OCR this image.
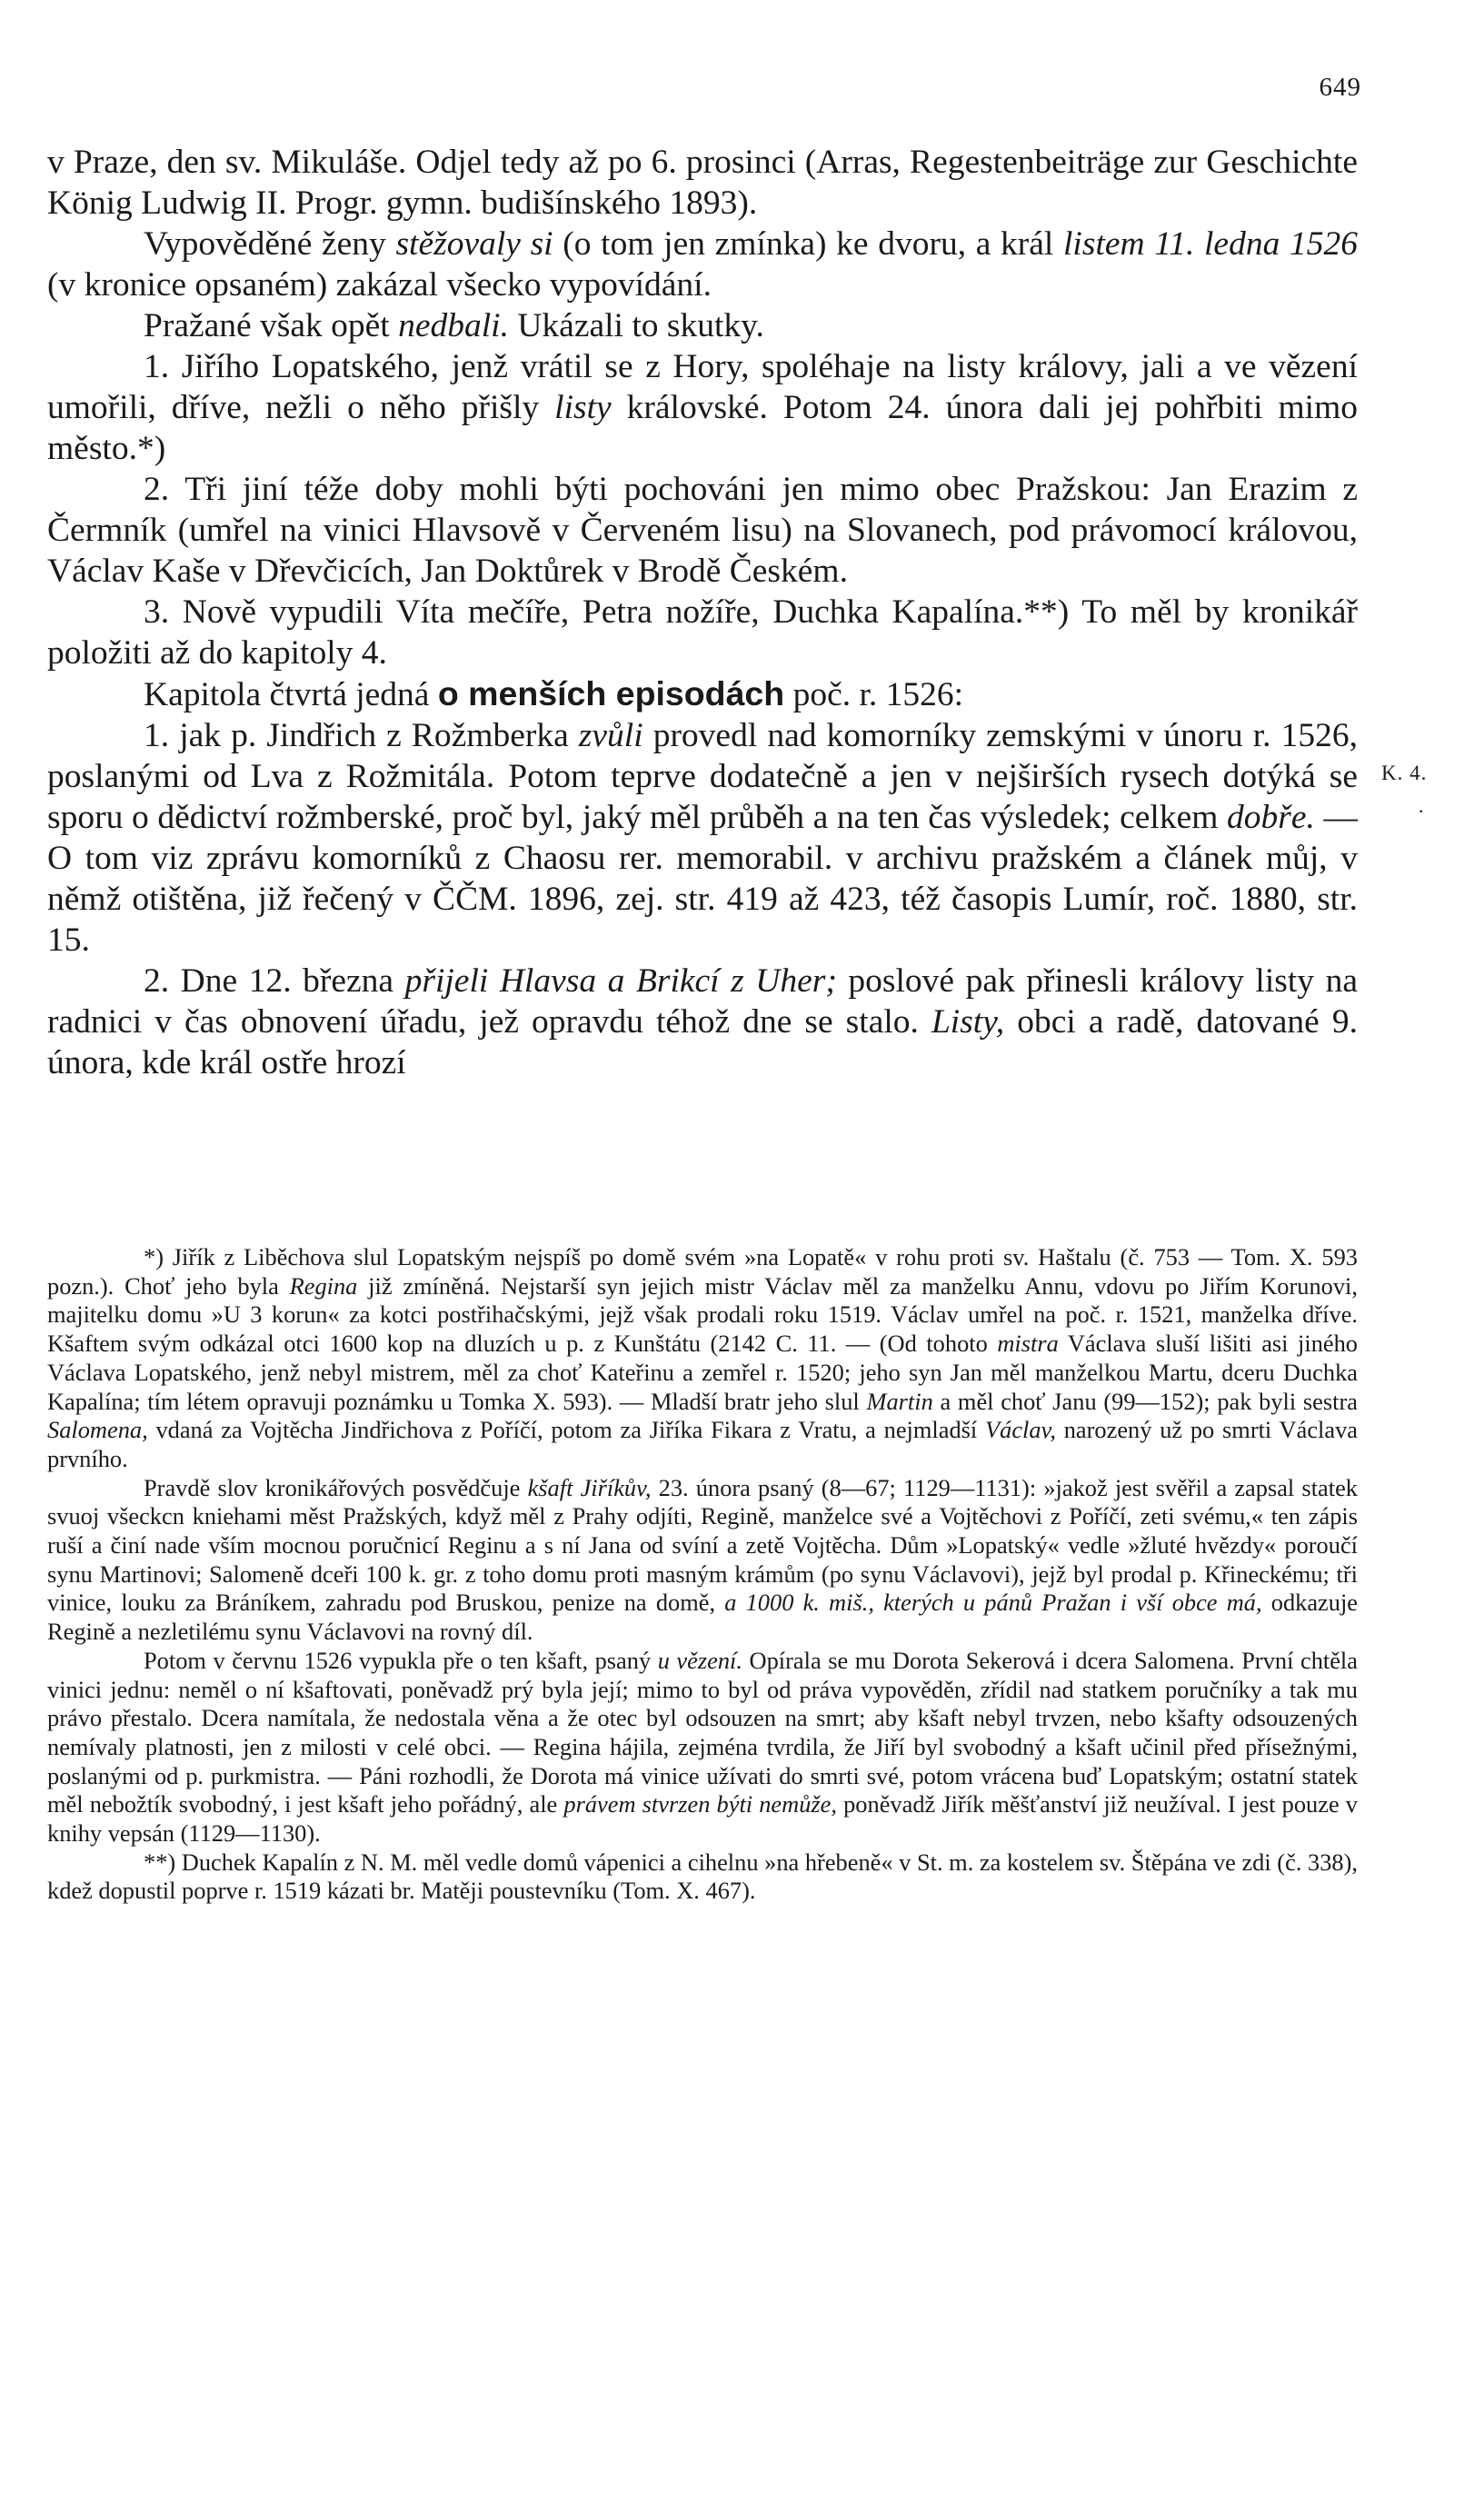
649
K. 4.
·

v Praze, den sv. Mikuláše. Odjel tedy až po 6. prosinci (Arras, Regestenbeiträge zur Geschichte König Ludwig II. Progr. gymn. budišínského 1893).

Vypověděné ženy stěžovaly si (o tom jen zmínka) ke dvoru, a král listem 11. ledna 1526 (v kronice opsaném) zakázal všecko vypovídání.

Pražané však opět nedbali. Ukázali to skutky.

1. Jiřího Lopatského, jenž vrátil se z Hory, spoléhaje na listy královy, jali a ve vězení umořili, dříve, nežli o něho přišly listy královské. Potom 24. února dali jej pohřbiti mimo město.*)

2. Tři jiní téže doby mohli býti pochováni jen mimo obec Pražskou: Jan Erazim z Čermník (umřel na vinici Hlavsově v Červeném lisu) na Slovanech, pod právomocí královou, Václav Kaše v Dřevčicích, Jan Doktůrek v Brodě Českém.

3. Nově vypudili Víta mečíře, Petra nožíře, Duchka Kapalína.**) To měl by kronikář položiti až do kapitoly 4.

Kapitola čtvrtá jedná o menších episodách poč. r. 1526:

1. jak p. Jindřich z Rožmberka zvůli provedl nad komorníky zemskými v únoru r. 1526, poslanými od Lva z Rožmitála. Potom teprve dodatečně a jen v nejširších rysech dotýká se sporu o dědictví rožmberské, proč byl, jaký měl průběh a na ten čas výsledek; celkem dobře. — O tom viz zprávu komorníků z Chaosu rer. memorabil. v archivu pražském a článek můj, v němž otištěna, již řečený v ČČM. 1896, zej. str. 419 až 423, též časopis Lumír, roč. 1880, str. 15.

2. Dne 12. března přijeli Hlavsa a Brikcí z Uher; poslové pak přinesli královy listy na radnici v čas obnovení úřadu, jež opravdu téhož dne se stalo. Listy, obci a radě, datované 9. února, kde král ostře hrozí

*) Jiřík z Liběchova slul Lopatským nejspíš po domě svém »na Lopatě« v rohu proti sv. Haštalu (č. 753 — Tom. X. 593 pozn.). Choť jeho byla Regina již zmíněná. Nejstarší syn jejich mistr Václav měl za manželku Annu, vdovu po Jiřím Korunovi, majitelku domu »U 3 korun« za kotci postřihačskými, jejž však prodali roku 1519. Václav umřel na poč. r. 1521, manželka dříve. Kšaftem svým odkázal otci 1600 kop na dluzích u p. z Kunštátu (2142 C. 11. — (Od tohoto mistra Václava sluší lišiti asi jiného Václava Lopatského, jenž nebyl mistrem, měl za choť Kateřinu a zemřel r. 1520; jeho syn Jan měl manželkou Martu, dceru Duchka Kapalína; tím létem opravuji poznámku u Tomka X. 593). — Mladší bratr jeho slul Martin a měl choť Janu (99—152); pak byli sestra Salomena, vdaná za Vojtěcha Jindřichova z Poříčí, potom za Jiříka Fikara z Vratu, a nejmladší Václav, narozený už po smrti Václava prvního.

Pravdě slov kronikářových posvědčuje kšaft Jiříkův, 23. února psaný (8—67; 1129—1131): »jakož jest svěřil a zapsal statek svuoj všeckcn kniehami měst Pražských, když měl z Prahy odjíti, Regině, manželce své a Vojtěchovi z Poříčí, zeti svému,« ten zápis ruší a činí nade vším mocnou poručnicí Reginu a s ní Jana od svíní a zetě Vojtěcha. Dům »Lopatský« vedle »žluté hvězdy« poroučí synu Martinovi; Salomeně dceři 100 k. gr. z toho domu proti masným krámům (po synu Václavovi), jejž byl prodal p. Křineckému; tři vinice, louku za Bráníkem, zahradu pod Bruskou, penize na domě, a 1000 k. miš., kterých u pánů Pražan i vší obce má, odkazuje Regině a nezletilému synu Václavovi na rovný díl.

Potom v červnu 1526 vypukla pře o ten kšaft, psaný u vězení. Opírala se mu Dorota Sekerová i dcera Salomena. První chtěla vinici jednu: neměl o ní kšaftovati, poněvadž prý byla její; mimo to byl od práva vypověděn, zřídil nad statkem poručníky a tak mu právo přestalo. Dcera namítala, že nedostala věna a že otec byl odsouzen na smrt; aby kšaft nebyl trvzen, nebo kšafty odsouzených nemívaly platnosti, jen z milosti v celé obci. — Regina hájila, zejména tvrdila, že Jiří byl svobodný a kšaft učinil před přísežnými, poslanými od p. purkmistra. — Páni rozhodli, že Dorota má vinice užívati do smrti své, potom vrácena buď Lopatským; ostatní statek měl nebožtík svobodný, i jest kšaft jeho pořádný, ale právem stvrzen býti nemůže, poněvadž Jiřík měšťanství již neužíval. I jest pouze v knihy vepsán (1129—1130).

**) Duchek Kapalín z N. M. měl vedle domů vápenici a cihelnu »na hřebeně« v St. m. za kostelem sv. Štěpána ve zdi (č. 338), kdež dopustil poprve r. 1519 kázati br. Matěji poustevníku (Tom. X. 467).
